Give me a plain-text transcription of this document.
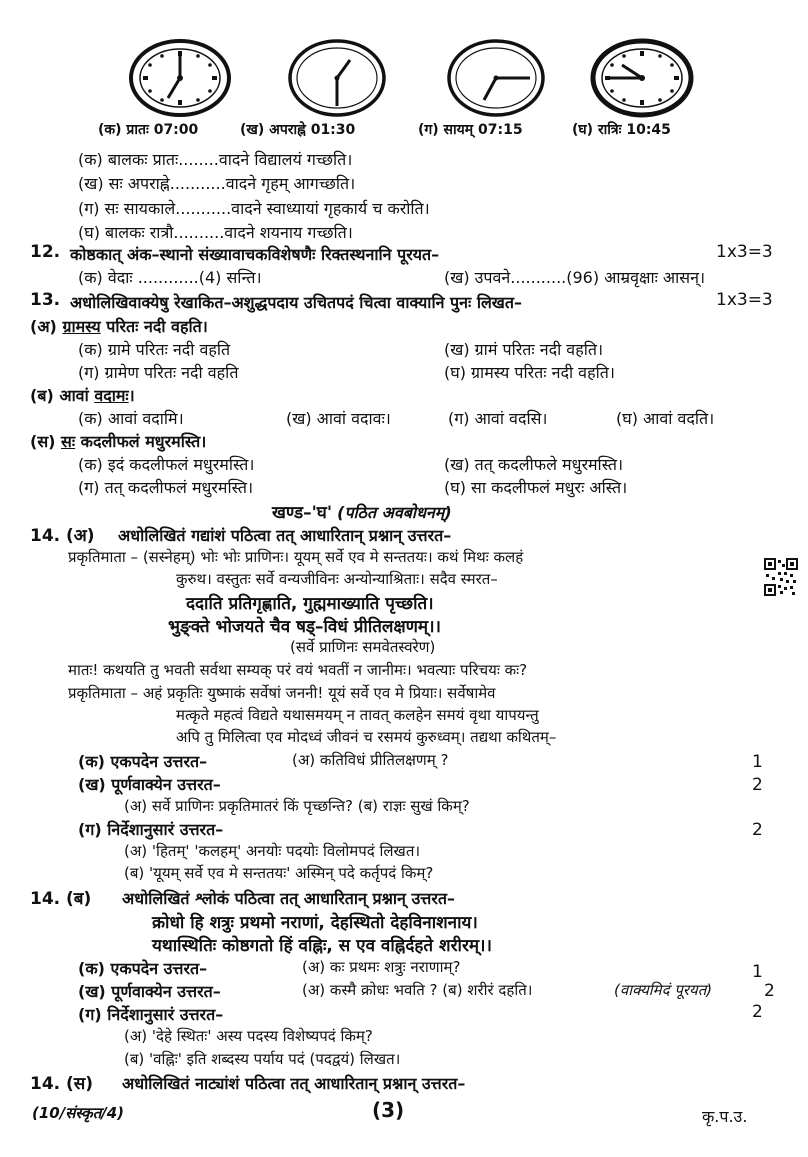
(क) प्रातः 07:00	(ख) अपराह्ने 01:30	(ग) सायम् 07:15	(घ) रात्रिः 10:45
(क) बालकः प्रातः........वादने विद्यालयं गच्छति।
(ख) सः अपराह्ने...........वादने गृहम् आगच्छति।
(ग) सः सायकाले...........वादने स्वाध्यायां गृहकार्य च करोति।
(घ) बालकः रात्रौ..........वादने शयनाय गच्छति।
12. कोष्ठकात् अंक–स्थानो संख्यावाचकविशेषणैः रिक्तस्थनानि पूरयत–	1x3=3
(क) वेदाः ............(4) सन्ति।	(ख) उपवने...........(96) आम्रवृक्षाः आसन्।
13. अधोलिखिवाक्येषु रेखाकित–अशुद्धपदाय उचितपदं चित्वा वाक्यानि पुनः लिखत–	1x3=3
(अ) ग्रामस्य परितः नदी वहति।
(क) ग्रामे परितः नदी वहति	(ख) ग्रामं परितः नदी वहति।
(ग) ग्रामेण परितः नदी वहति	(घ) ग्रामस्य परितः नदी वहति।
(ब) आवां वदामः।
(क) आवां वदामि।	(ख) आवां वदावः।	(ग) आवां वदसि।	(घ) आवां वदति।
(स) सः कदलीफलं मधुरमस्ति।
(क) इदं कदलीफलं मधुरमस्ति।	(ख) तत् कदलीफले मधुरमस्ति।
(ग) तत् कदलीफलं मधुरमस्ति।	(घ) सा कदलीफलं मधुरः अस्ति।
खण्ड–'घ' (पठित अवबोधनम्)
14. (अ) अधोलिखितं गद्यांशं पठित्वा तत् आधारितान् प्रश्नान् उत्तरत–
प्रकृतिमाता – (सस्नेहम्) भोः भोः प्राणिनः। यूयम् सर्वे एव मे सन्ततयः। कथं मिथः कलहं
कुरुथ। वस्तुतः सर्वे वन्यजीविनः अन्योन्याश्रिताः। सदैव स्मरत–
ददाति प्रतिगृह्णाति, गुह्ममाख्याति पृच्छति।
भुङ्क्ते भोजयते चैव षड्–विधं प्रीतिलक्षणम्।।
(सर्वे प्राणिनः समवेतस्वरेण)
मातः! कथयति तु भवती सर्वथा सम्यक् परं वयं भवतीं न जानीमः। भवत्याः परिचयः कः?
प्रकृतिमाता – अहं प्रकृतिः युष्माकं सर्वेषां जननी! यूयं सर्वे एव मे प्रियाः। सर्वेषामेव
मत्कृते महत्वं विद्यते यथासमयम् न तावत् कलहेन समयं वृथा यापयन्तु
अपि तु मिलित्वा एव मोदध्वं जीवनं च रसमयं कुरुध्वम्। तद्यथा कथितम्–
(क) एकपदेन उत्तरत–	(अ) कतिविधं प्रीतिलक्षणम् ?	1
(ख) पूर्णवाक्येन उत्तरत–	2
(अ) सर्वे प्राणिनः प्रकृतिमातरं किं पृच्छन्ति? (ब) राज्ञः सुखं किम्?
(ग) निर्देशानुसारं उत्तरत–	2
(अ) 'हितम्' 'कलहम्' अनयोः पदयोः विलोमपदं लिखत।
(ब) 'यूयम् सर्वे एव मे सन्ततयः' अस्मिन् पदे कर्तृपदं किम्?
14. (ब) अधोलिखितं श्लोकं पठित्वा तत् आधारितान् प्रश्नान् उत्तरत–
क्रोधो हि शत्रुः प्रथमो नराणां, देहस्थितो देहविनाशनाय।
यथास्थितिः कोष्ठगतो हिं वह्निः, स एव वह्निर्दहते शरीरम्।।
(क) एकपदेन उत्तरत–	(अ) कः प्रथमः शत्रुः नराणाम्?	1
(ख) पूर्णवाक्येन उत्तरत–	(अ) कस्मै क्रोधः भवति ? (ब) शरीरं दहति।	(वाक्यमिदं पूरयत)	2
(ग) निर्देशानुसारं उत्तरत–	2
(अ) 'देहे स्थितः' अस्य पदस्य विशेष्यपदं किम्?
(ब) 'वह्निः' इति शब्दस्य पर्याय पदं (पदद्वयं) लिखत।
14. (स) अधोलिखितं नाट्यांशं पठित्वा तत् आधारितान् प्रश्नान् उत्तरत–
(10/संस्कृत/4)	(3)	कृ.प.उ.
